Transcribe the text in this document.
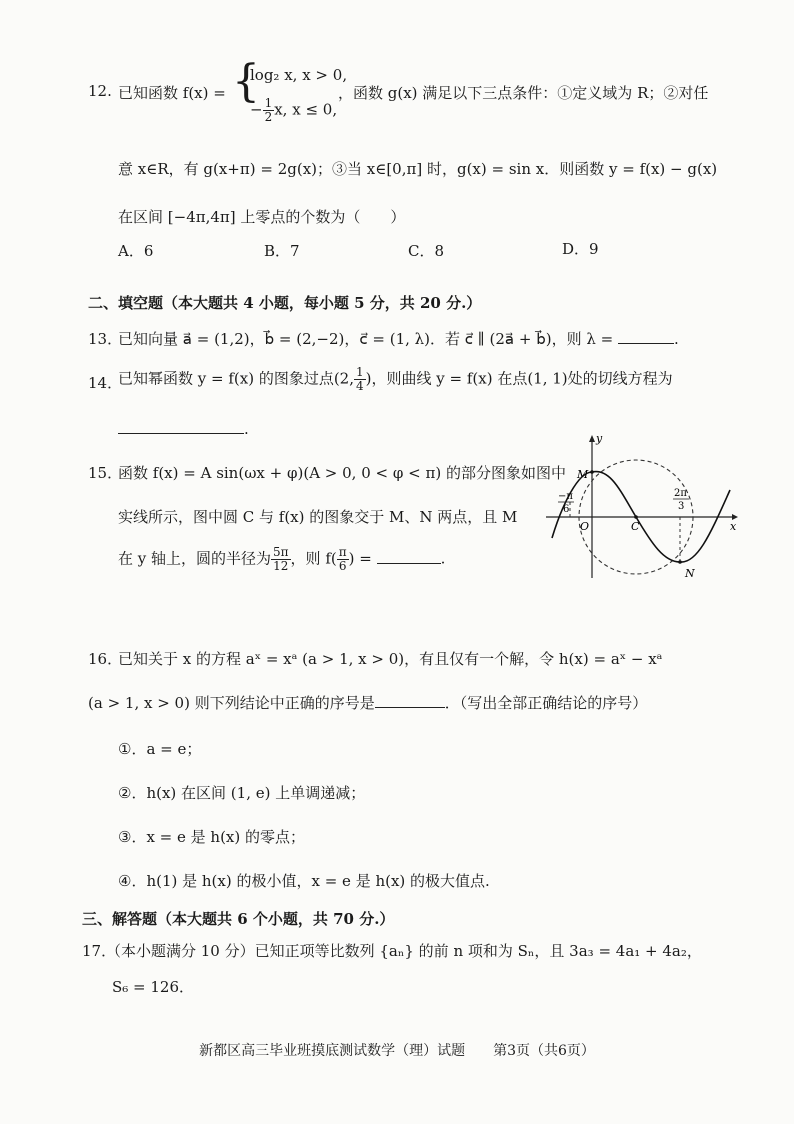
12. 已知函数 f(x) = {
log₂ x, x > 0,
− $\frac{1}{2} x$, x ≤ 0,
，函数 g(x) 满足以下三点条件：①定义域为 R；②对任
意 x∈R，有 g(x+π) = 2g(x)；③当 x∈[0,π] 时，g(x) = sin x．则函数 y = f(x) − g(x)
在区间 [−4π,4π] 上零点的个数为（　　）
A．6	B．7	C．8	D．9
二、填空题（本大题共 4 小题，每小题 5 分，共 20 分.）
13．
已知向量 a⃗ = (1,2)，b⃗ = (2,−2)，c⃗ = (1, λ)．若 c⃗ ∥ (2a⃗ + b⃗)，则 λ =	.
14．
已知幂函数 y = f(x) 的图象过点(2, $\frac{1}{4}$ )，则曲线 y = f(x) 在点(1, 1)处的切线方程为
.
15．
函数 f(x) = A sin(ωx + φ)(A > 0, 0 < φ < π) 的部分图象如图中
实线所示，图中圆 C 与 f(x) 的图象交于 M、N 两点，且 M
在 y 轴上，圆的半径为 $\frac{5\pi}{12}$ ，则 $f( \frac{\pi}{6}$ ) =	.
y
x
M
N
O	C
−π
6
2π
3
16．
已知关于 x 的方程 aˣ = xᵃ (a > 1, x > 0)，有且仅有一个解，令 h(x) = aˣ − xᵃ
(a > 1, x > 0) 则下列结论中正确的序号是	．（写出全部正确结论的序号）
①．a = e；
②．h(x) 在区间 (1, e) 上单调递减；
③．x = e 是 h(x) 的零点；
④．h(1) 是 h(x) 的极小值，x = e 是 h(x) 的极大值点.
三、解答题（本大题共 6 个小题，共 70 分.）
17．
（本小题满分 10 分）已知正项等比数列 {aₙ} 的前 n 项和为 Sₙ，且 3a₃ = 4a₁ + 4a₂，
S₆ = 126．
新都区高三毕业班摸底测试数学（理）试题　　第3页（共6页）
